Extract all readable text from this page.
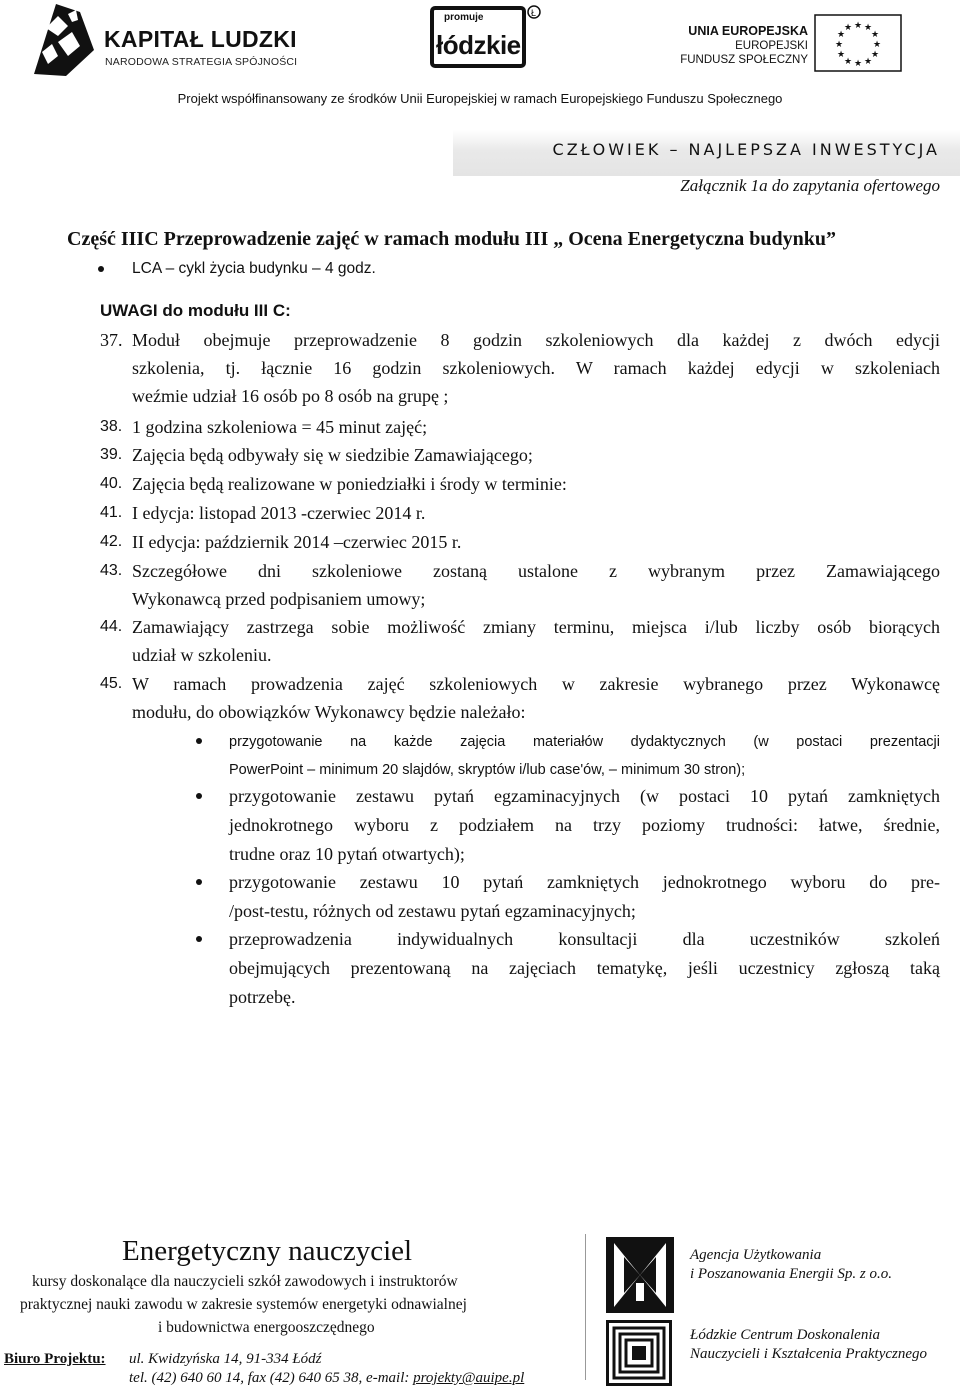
KAPITAŁ LUDZKI
NARODOWA STRATEGIA SPÓJNOŚCI
Ł
promuje
łódzkie	UNIA EUROPEJSKA
EUROPEJSKI
FUNDUSZ SPOŁECZNY
★ ★
★
★
★
★
★
★
★
★
★
★
Projekt współfinansowany ze środków Unii Europejskiej w ramach Europejskiego Funduszu Społecznego
CZŁOWIEK – NAJLEPSZA INWESTYCJA
Załącznik 1a do zapytania ofertowego
Część IIIC Przeprowadzenie zajęć w ramach modułu III „ Ocena Energetyczna budynku”
LCA – cykl życia budynku – 4 godz.
UWAGI do modułu III C:
37. Moduł obejmuje przeprowadzenie 8 godzin szkoleniowych dla każdej z dwóch edycji
szkolenia, tj. łącznie 16 godzin szkoleniowych. W ramach każdej edycji w szkoleniach
weźmie udział 16 osób po 8 osób na grupę ;
38. 1 godzina szkoleniowa = 45 minut zajęć;
39. Zajęcia będą odbywały się w siedzibie Zamawiającego;
40. Zajęcia będą realizowane w poniedziałki i środy w terminie:
41. I edycja: listopad 2013 -czerwiec 2014 r.
42. II edycja: październik 2014 –czerwiec 2015 r.
43. Szczegółowe dni szkoleniowe zostaną ustalone z wybranym przez Zamawiającego
Wykonawcą przed podpisaniem umowy;
44. Zamawiający zastrzega sobie możliwość zmiany terminu, miejsca i/lub liczby osób biorących
udział w szkoleniu.
45. W ramach prowadzenia zajęć szkoleniowych w zakresie wybranego przez Wykonawcę
modułu, do obowiązków Wykonawcy będzie należało:
przygotowanie na każde zajęcia materiałów dydaktycznych (w postaci prezentacji
PowerPoint – minimum 20 slajdów, skryptów i/lub case'ów, – minimum 30 stron);
przygotowanie zestawu pytań egzaminacyjnych (w postaci 10 pytań zamkniętych
jednokrotnego wyboru z podziałem na trzy poziomy trudności: łatwe, średnie,
trudne oraz 10 pytań otwartych);
przygotowanie zestawu 10 pytań zamkniętych jednokrotnego wyboru do pre-
/post-testu, różnych od zestawu pytań egzaminacyjnych;
przeprowadzenia indywidualnych konsultacji dla uczestników szkoleń
obejmujących prezentowaną na zajęciach tematykę, jeśli uczestnicy zgłoszą taką
potrzebę.
Energetyczny nauczyciel
kursy doskonalące dla nauczycieli szkół zawodowych i instruktorów
praktycznej nauki zawodu w zakresie systemów energetyki odnawialnej
i budownictwa energooszczędnego
Biuro Projektu: ul. Kwidzyńska 14, 91-334 Łódź
tel. (42) 640 60 14, fax (42) 640 65 38, e-mail: projekty@auipe.pl
Agencja Użytkowania
i Poszanowania Energii Sp. z o.o.
Łódzkie Centrum Doskonalenia
Nauczycieli i Kształcenia Praktycznego
